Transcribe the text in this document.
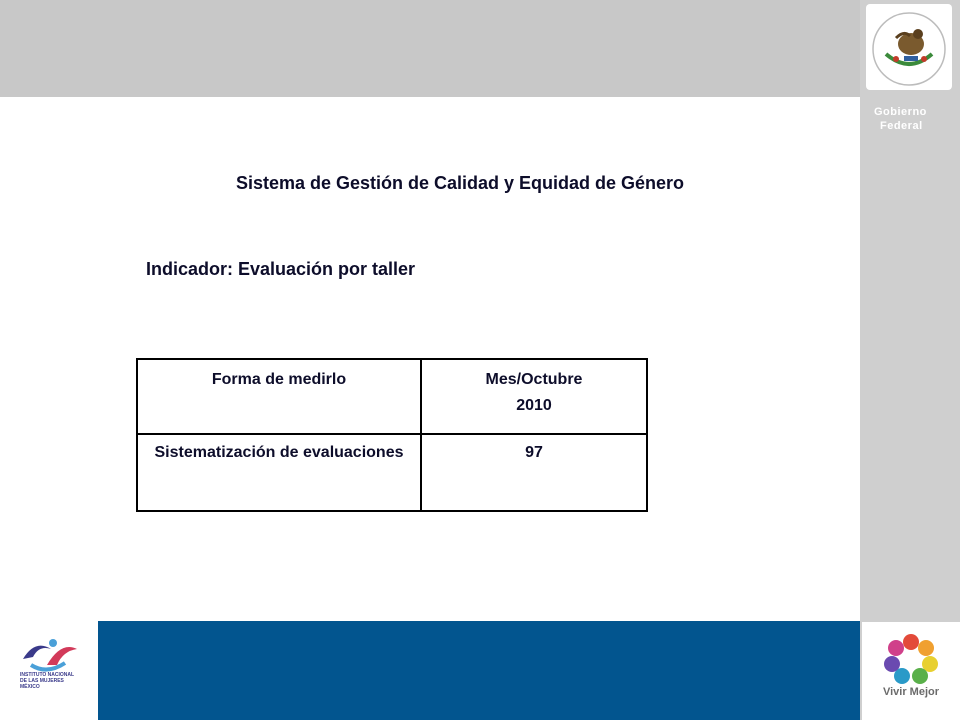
Gobierno
Federal
Sistema de Gestión de Calidad y Equidad de Género
Indicador: Evaluación por taller
Forma de medirlo	Mes/Octubre
2010

Sistematización de evaluaciones	97
INSTITUTO NACIONAL DE LAS MUJERES MÉXICO	Vivir Mejor
